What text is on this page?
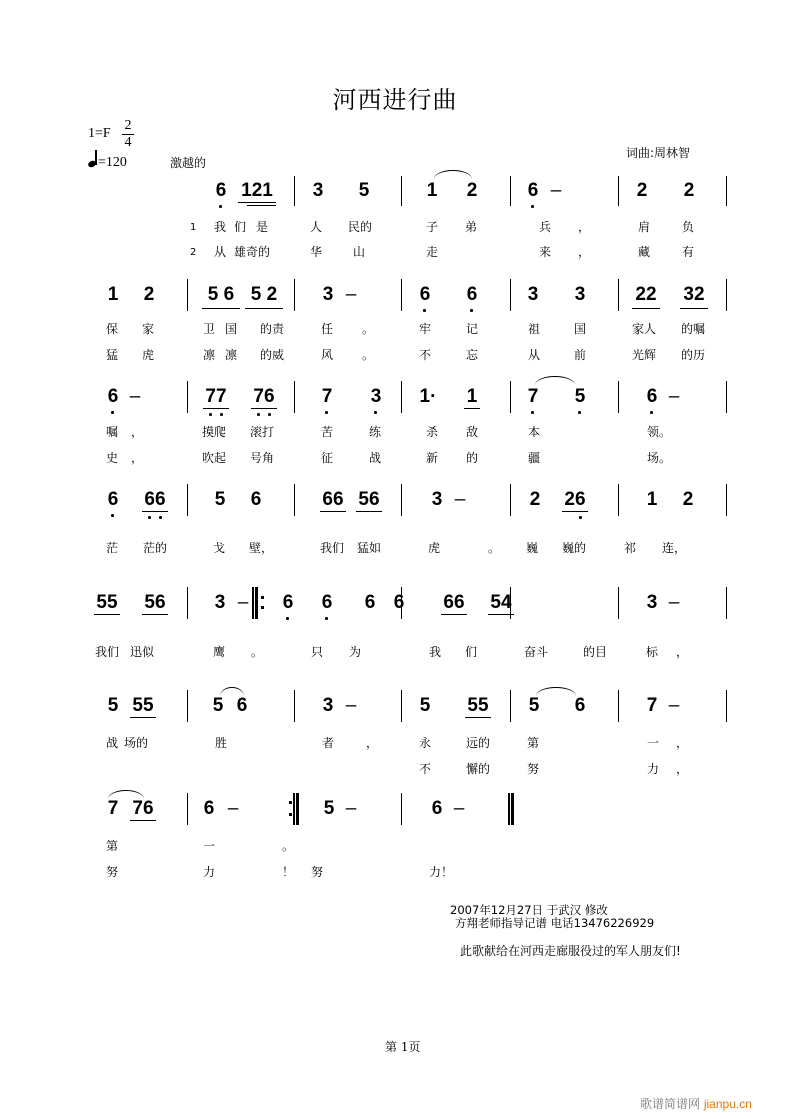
河西进行曲
1=F
2
4
=120	激越的
词曲:周林智
6 121 3 5	1 2	6 –	2 2
1 我 们 是	人 民的	子 弟	兵 ，	肩	负
2 从 雄奇的	华	山	走	来 ，	藏	有
1 2	5 6 5 2 3 –	6 6	3 3	22 32
保 家	卫 国 的责	任 。	牢	记	祖	国	家人 的嘱
猛 虎	凛 凛 的威	风 。	不	忘	从	前	光辉 的历
6 –	77 76 7 3 1· 1	7 5	6 –
嘱 ，	摸爬 滚打	苦	练	杀 敌	本	领。
史 ，	吹起 号角	征	战	新 的	疆	场。
6 66	5 6	66 56	3 –	2 26	1 2
茫 茫的	戈 壁，	我们 猛如	虎	。 巍 巍的	祁 连，
55 56	3 – 6 6 6 6 66 54	3 –
我们 迅似	鹰 。	只 为	我 们	奋斗	的目	标 ，
5 55	5 6	3 –	5 55 5 6	7 –
战 场的	胜	者	，	永	远的	第	一 ，
不	懈的	努	力 ，
7 76	6 –	5 –	6 –
第	一	。
努	力	！ 努	力！
2007年12月27日 于武汉 修改
方翔老师指导记谱 电话13476226929
此歌献给在河西走廊服役过的军人朋友们!
第 1页
歌谱简谱网 jianpu.cn
